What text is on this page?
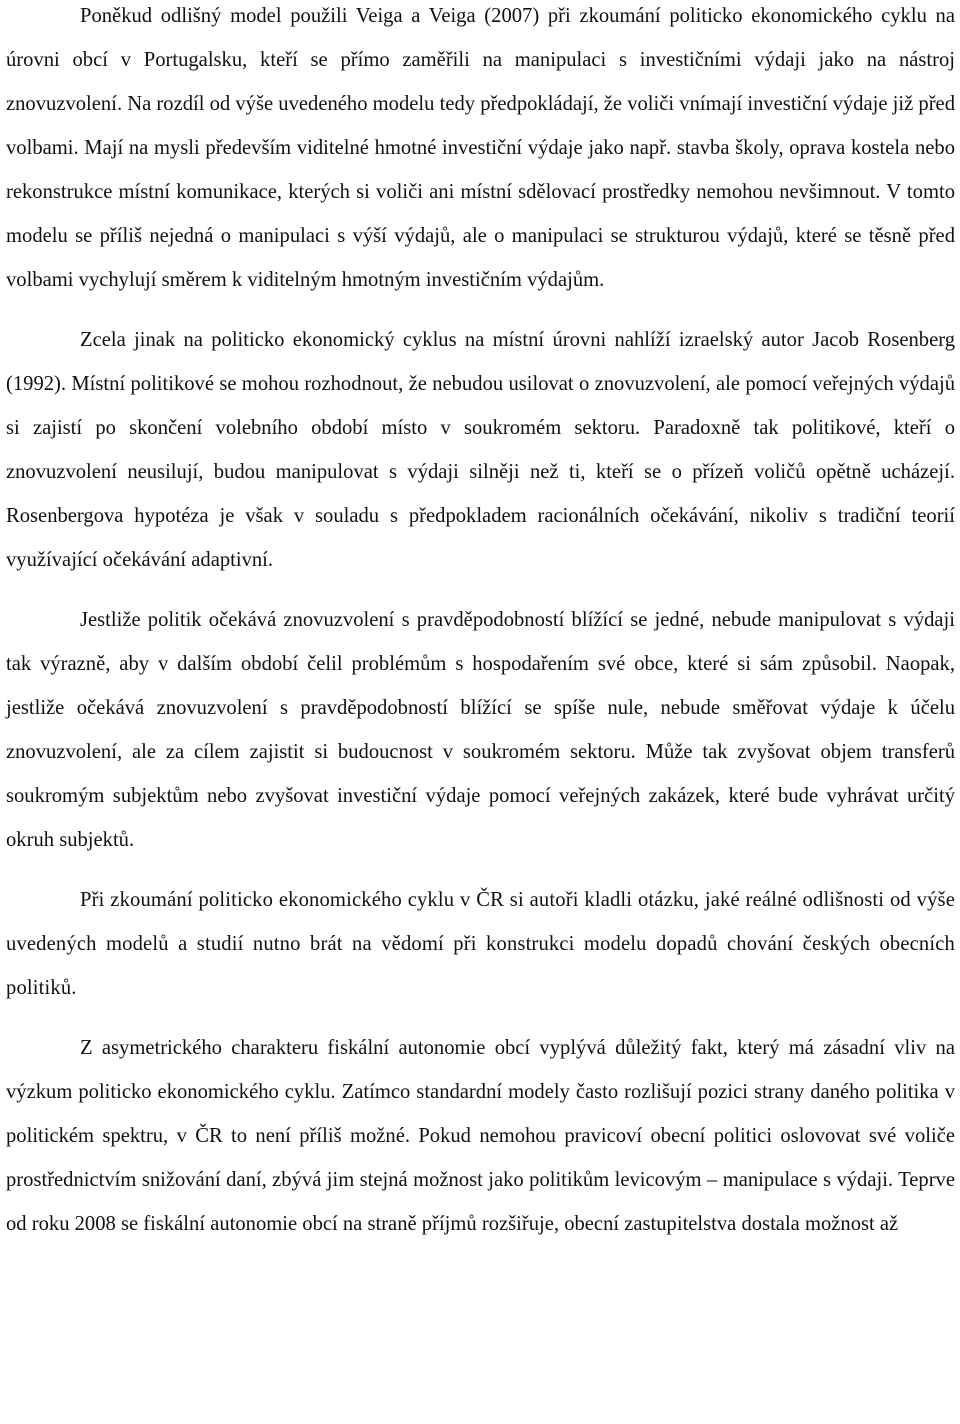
Poněkud odlišný model použili Veiga a Veiga (2007) při zkoumání politicko ekonomického cyklu na úrovni obcí v Portugalsku, kteří se přímo zaměřili na manipulaci s investičními výdaji jako na nástroj znovuzvolení. Na rozdíl od výše uvedeného modelu tedy předpokládají, že voliči vnímají investiční výdaje již před volbami. Mají na mysli především viditelné hmotné investiční výdaje jako např. stavba školy, oprava kostela nebo rekonstrukce místní komunikace, kterých si voliči ani místní sdělovací prostředky nemohou nevšimnout. V tomto modelu se příliš nejedná o manipulaci s výší výdajů, ale o manipulaci se strukturou výdajů, které se těsně před volbami vychylují směrem k viditelným hmotným investičním výdajům.

Zcela jinak na politicko ekonomický cyklus na místní úrovni nahlíží izraelský autor Jacob Rosenberg (1992). Místní politikové se mohou rozhodnout, že nebudou usilovat o znovuzvolení, ale pomocí veřejných výdajů si zajistí po skončení volebního období místo v soukromém sektoru. Paradoxně tak politikové, kteří o znovuzvolení neusilují, budou manipulovat s výdaji silněji než ti, kteří se o přízeň voličů opětně ucházejí. Rosenbergova hypotéza je však v souladu s předpokladem racionálních očekávání, nikoliv s tradiční teorií využívající očekávání adaptivní.

Jestliže politik očekává znovuzvolení s pravděpodobností blížící se jedné, nebude manipulovat s výdaji tak výrazně, aby v dalším období čelil problémům s hospodařením své obce, které si sám způsobil. Naopak, jestliže očekává znovuzvolení s pravděpodobností blížící se spíše nule, nebude směřovat výdaje k účelu znovuzvolení, ale za cílem zajistit si budoucnost v soukromém sektoru. Může tak zvyšovat objem transferů soukromým subjektům nebo zvyšovat investiční výdaje pomocí veřejných zakázek, které bude vyhrávat určitý okruh subjektů.

Při zkoumání politicko ekonomického cyklu v ČR si autoři kladli otázku, jaké reálné odlišnosti od výše uvedených modelů a studií nutno brát na vědomí při konstrukci modelu dopadů chování českých obecních politiků.

Z asymetrického charakteru fiskální autonomie obcí vyplývá důležitý fakt, který má zásadní vliv na výzkum politicko ekonomického cyklu. Zatímco standardní modely často rozlišují pozici strany daného politika v politickém spektru, v ČR to není příliš možné. Pokud nemohou pravicoví obecní politici oslovovat své voliče prostřednictvím snižování daní, zbývá jim stejná možnost jako politikům levicovým – manipulace s výdaji. Teprve od roku 2008 se fiskální autonomie obcí na straně příjmů rozšiřuje, obecní zastupitelstva dostala možnost až
